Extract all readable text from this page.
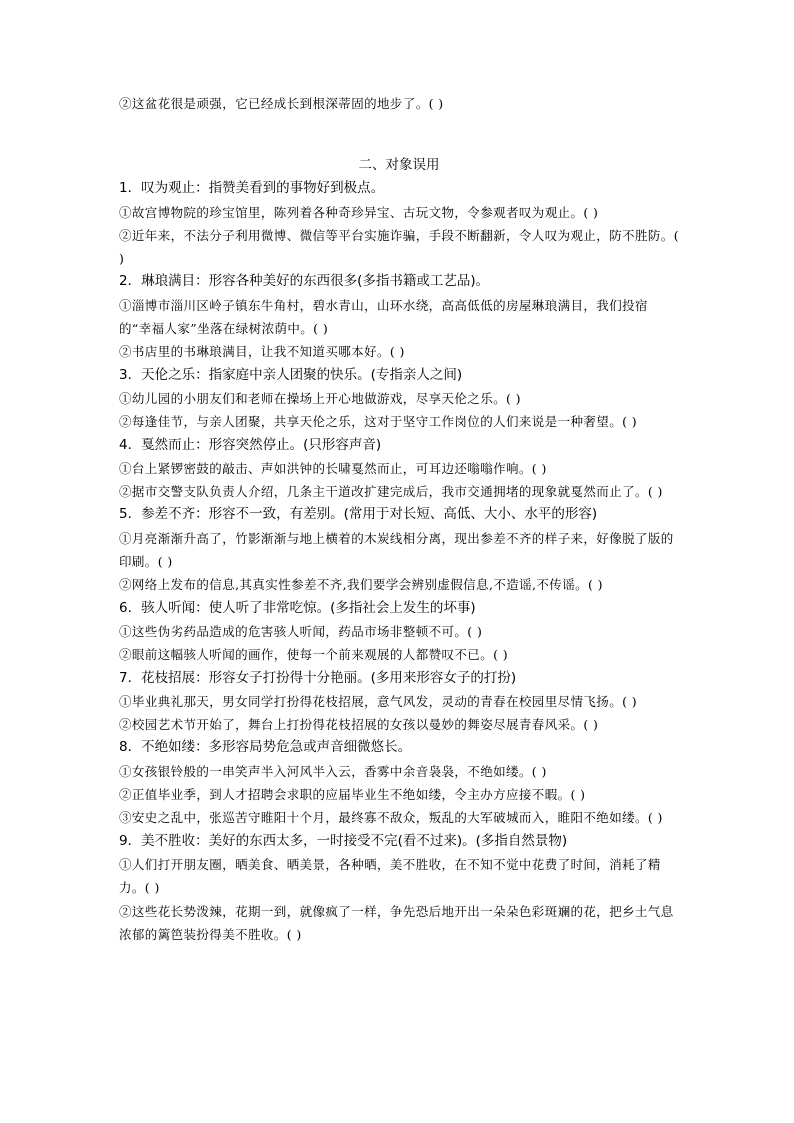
②这盆花很是顽强，它已经成长到根深蒂固的地步了。( )

二、对象误用

1．叹为观止：指赞美看到的事物好到极点。

①故宫博物院的珍宝馆里，陈列着各种奇珍异宝、古玩文物，令参观者叹为观止。( )

②近年来，不法分子利用微博、微信等平台实施诈骗，手段不断翻新，令人叹为观止，防不胜防。( )

2．琳琅满目：形容各种美好的东西很多(多指书籍或工艺品)。

①淄博市淄川区岭子镇东牛角村，碧水青山，山环水绕，高高低低的房屋琳琅满目，我们投宿的“幸福人家”坐落在绿树浓荫中。( )

②书店里的书琳琅满目，让我不知道买哪本好。( )

3．天伦之乐：指家庭中亲人团聚的快乐。(专指亲人之间)

①幼儿园的小朋友们和老师在操场上开心地做游戏，尽享天伦之乐。( )

②每逢佳节，与亲人团聚，共享天伦之乐，这对于坚守工作岗位的人们来说是一种奢望。( )

4．戛然而止：形容突然停止。(只形容声音)

①台上紧锣密鼓的敲击、声如洪钟的长啸戛然而止，可耳边还嗡嗡作响。( )

②据市交警支队负责人介绍，几条主干道改扩建完成后，我市交通拥堵的现象就戛然而止了。( )

5．参差不齐：形容不一致，有差别。(常用于对长短、高低、大小、水平的形容)

①月亮渐渐升高了，竹影渐渐与地上横着的木炭线相分离，现出参差不齐的样子来，好像脱了版的印刷。( )

②网络上发布的信息,其真实性参差不齐,我们要学会辨别虚假信息,不造谣,不传谣。( )

6．骇人听闻：使人听了非常吃惊。(多指社会上发生的坏事)

①这些伪劣药品造成的危害骇人听闻，药品市场非整顿不可。( )

②眼前这幅骇人听闻的画作，使每一个前来观展的人都赞叹不已。( )

7．花枝招展：形容女子打扮得十分艳丽。(多用来形容女子的打扮)

①毕业典礼那天，男女同学打扮得花枝招展，意气风发，灵动的青春在校园里尽情飞扬。( )

②校园艺术节开始了，舞台上打扮得花枝招展的女孩以曼妙的舞姿尽展青春风采。( )

8．不绝如缕：多形容局势危急或声音细微悠长。

①女孩银铃般的一串笑声半入河风半入云，香雾中余音袅袅，不绝如缕。( )

②正值毕业季，到人才招聘会求职的应届毕业生不绝如缕，令主办方应接不暇。( )

③安史之乱中，张巡苦守睢阳十个月，最终寡不敌众，叛乱的大军破城而入，睢阳不绝如缕。( )

9．美不胜收：美好的东西太多，一时接受不完(看不过来)。(多指自然景物)

①人们打开朋友圈，晒美食、晒美景，各种晒，美不胜收，在不知不觉中花费了时间，消耗了精力。( )

②这些花长势泼辣，花期一到，就像疯了一样，争先恐后地开出一朵朵色彩斑斓的花，把乡土气息浓郁的篱笆装扮得美不胜收。( )
